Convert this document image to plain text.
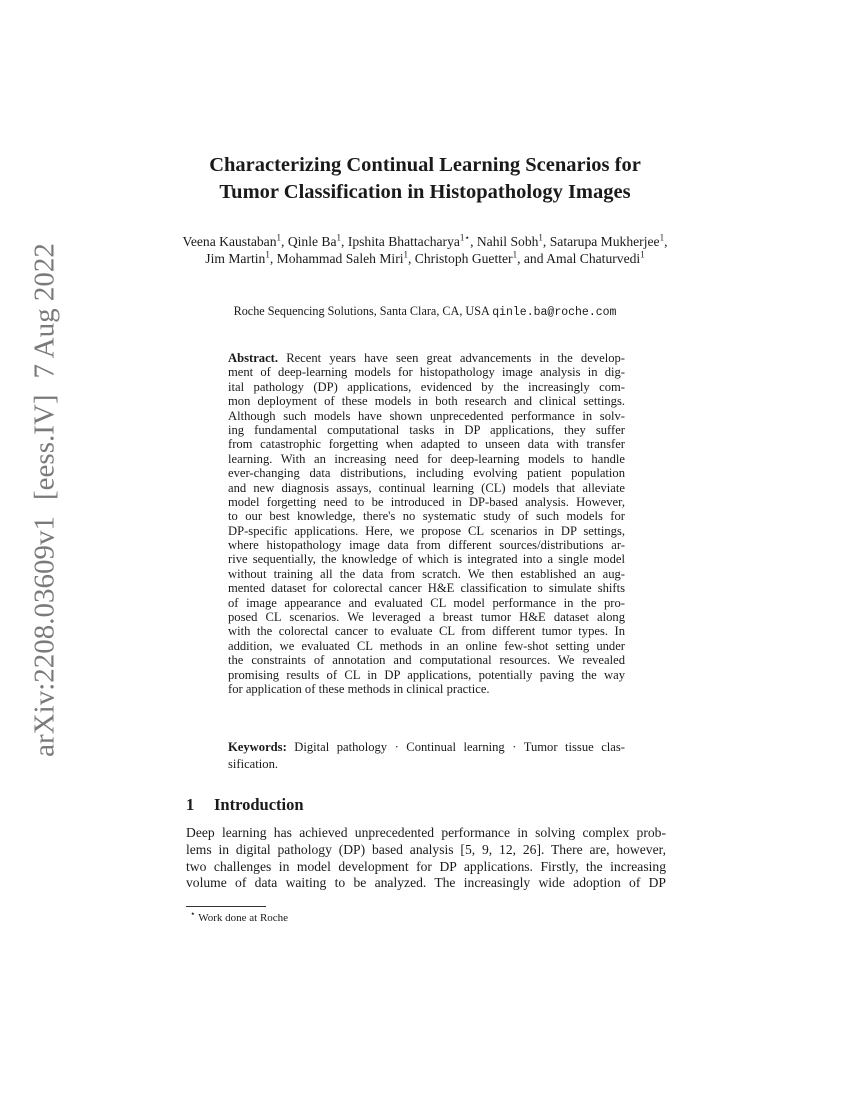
arXiv:2208.03609v1[eess.IV]7 Aug 2022
Characterizing Continual Learning Scenarios for
Tumor Classification in Histopathology Images
Veena Kaustaban$^1$, Qinle Ba$^1$, Ipshita Bhattacharya$^{1⋆}$, Nahil Sobh$^1$, Satarupa Mukherjee$^1$, Jim Martin$^1$, Mohammad Saleh Miri$^1$, Christoph Guetter$^1$, and Amal Chaturvedi$^1$
Roche Sequencing Solutions, Santa Clara, CA, USA qinle.ba@roche.com
Abstract. Recent years have seen great advancements in the develop-
ment of deep-learning models for histopathology image analysis in dig-
ital pathology (DP) applications, evidenced by the increasingly com-
mon deployment of these models in both research and clinical settings.
Although such models have shown unprecedented performance in solv-
ing fundamental computational tasks in DP applications, they suffer
from catastrophic forgetting when adapted to unseen data with transfer
learning. With an increasing need for deep-learning models to handle
ever-changing data distributions, including evolving patient population
and new diagnosis assays, continual learning (CL) models that alleviate
model forgetting need to be introduced in DP-based analysis. However,
to our best knowledge, there's no systematic study of such models for
DP-specific applications. Here, we propose CL scenarios in DP settings,
where histopathology image data from different sources/distributions ar-
rive sequentially, the knowledge of which is integrated into a single model
without training all the data from scratch. We then established an aug-
mented dataset for colorectal cancer H&E classification to simulate shifts
of image appearance and evaluated CL model performance in the pro-
posed CL scenarios. We leveraged a breast tumor H&E dataset along
with the colorectal cancer to evaluate CL from different tumor types. In
addition, we evaluated CL methods in an online few-shot setting under
the constraints of annotation and computational resources. We revealed
promising results of CL in DP applications, potentially paving the way
for application of these methods in clinical practice.
Keywords: Digital pathology · Continual learning · Tumor tissue clas-
sification.
1 Introduction
Deep learning has achieved unprecedented performance in solving complex prob-
lems in digital pathology (DP) based analysis [5, 9, 12, 26]. There are, however,
two challenges in model development for DP applications. Firstly, the increasing
volume of data waiting to be analyzed. The increasingly wide adoption of DP
⋆ Work done at Roche
